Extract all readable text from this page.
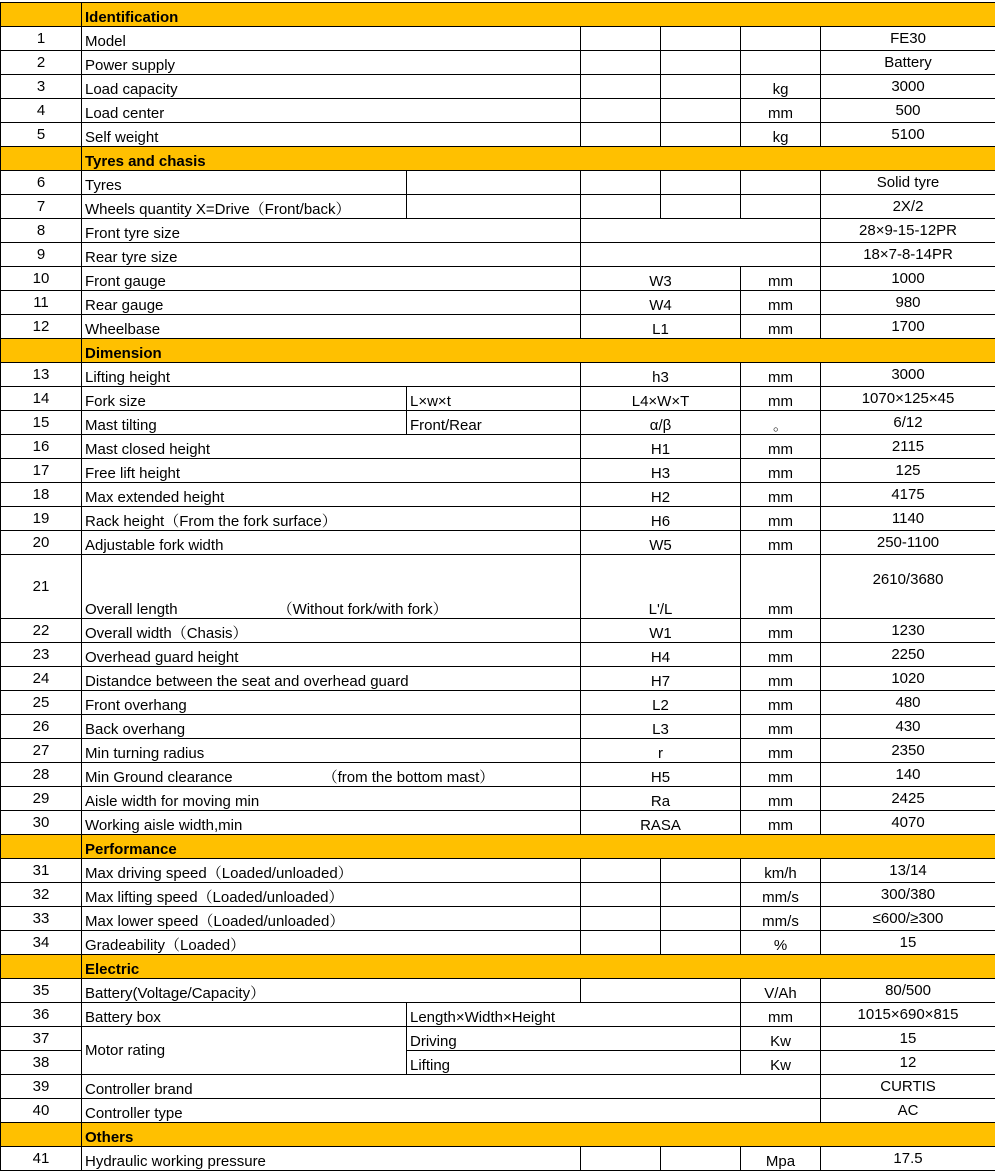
	Identification					
1	Model					FE30
2	Power supply					Battery
3	Load capacity				kg	3000
4	Load center				mm	500
5	Self weight				kg	5100
	Tyres and chasis					
6	Tyres					Solid tyre
7	Wheels quantity X=Drive（Front/back）					2X/2
8	Front tyre size					28×9-15-12PR
9	Rear tyre size					18×7-8-14PR
10	Front gauge		W3		mm	1000
11	Rear gauge		W4		mm	980
12	Wheelbase		L1		mm	1700
	Dimension					
13	Lifting height		h3		mm	3000
14	Fork size	L×w×t	L4×W×T		mm	1070×125×45
15	Mast tilting	Front/Rear	α/β		。	6/12
16	Mast closed height		H1		mm	2115
17	Free lift height		H3		mm	125
18	Max extended height		H2		mm	4175
19	Rack height（From the fork surface）		H6		mm	1140
20	Adjustable fork width		W5		mm	250-1100
21	Overall length （Without fork/with fork）		L'/L		mm	2610/3680
22	Overall width（Chasis）		W1		mm	1230
23	Overhead guard height		H4		mm	2250
24	Distandce between the seat and overhead guard		H7		mm	1020
25	Front overhang		L2		mm	480
26	Back overhang		L3		mm	430
27	Min turning radius		r		mm	2350
28	Min Ground clearance （from the bottom mast）		H5		mm	140
29	Aisle width for moving min		Ra		mm	2425
30	Working aisle width,min		RASA		mm	4070
	Performance					
31	Max driving speed（Loaded/unloaded）				km/h	13/14
32	Max lifting speed（Loaded/unloaded）				mm/s	300/380
33	Max lower speed（Loaded/unloaded）				mm/s	≤600/≥300
34	Gradeability（Loaded）				%	15
	Electric					
35	Battery(Voltage/Capacity）				V/Ah	80/500
36	Battery box	Length×Width×Height			mm	1015×690×815
37	Motor rating	Driving			Kw	15
38		Lifting			Kw	12
39	Controller brand					CURTIS
40	Controller type					AC
	Others					
41	Hydraulic working pressure				Mpa	17.5
